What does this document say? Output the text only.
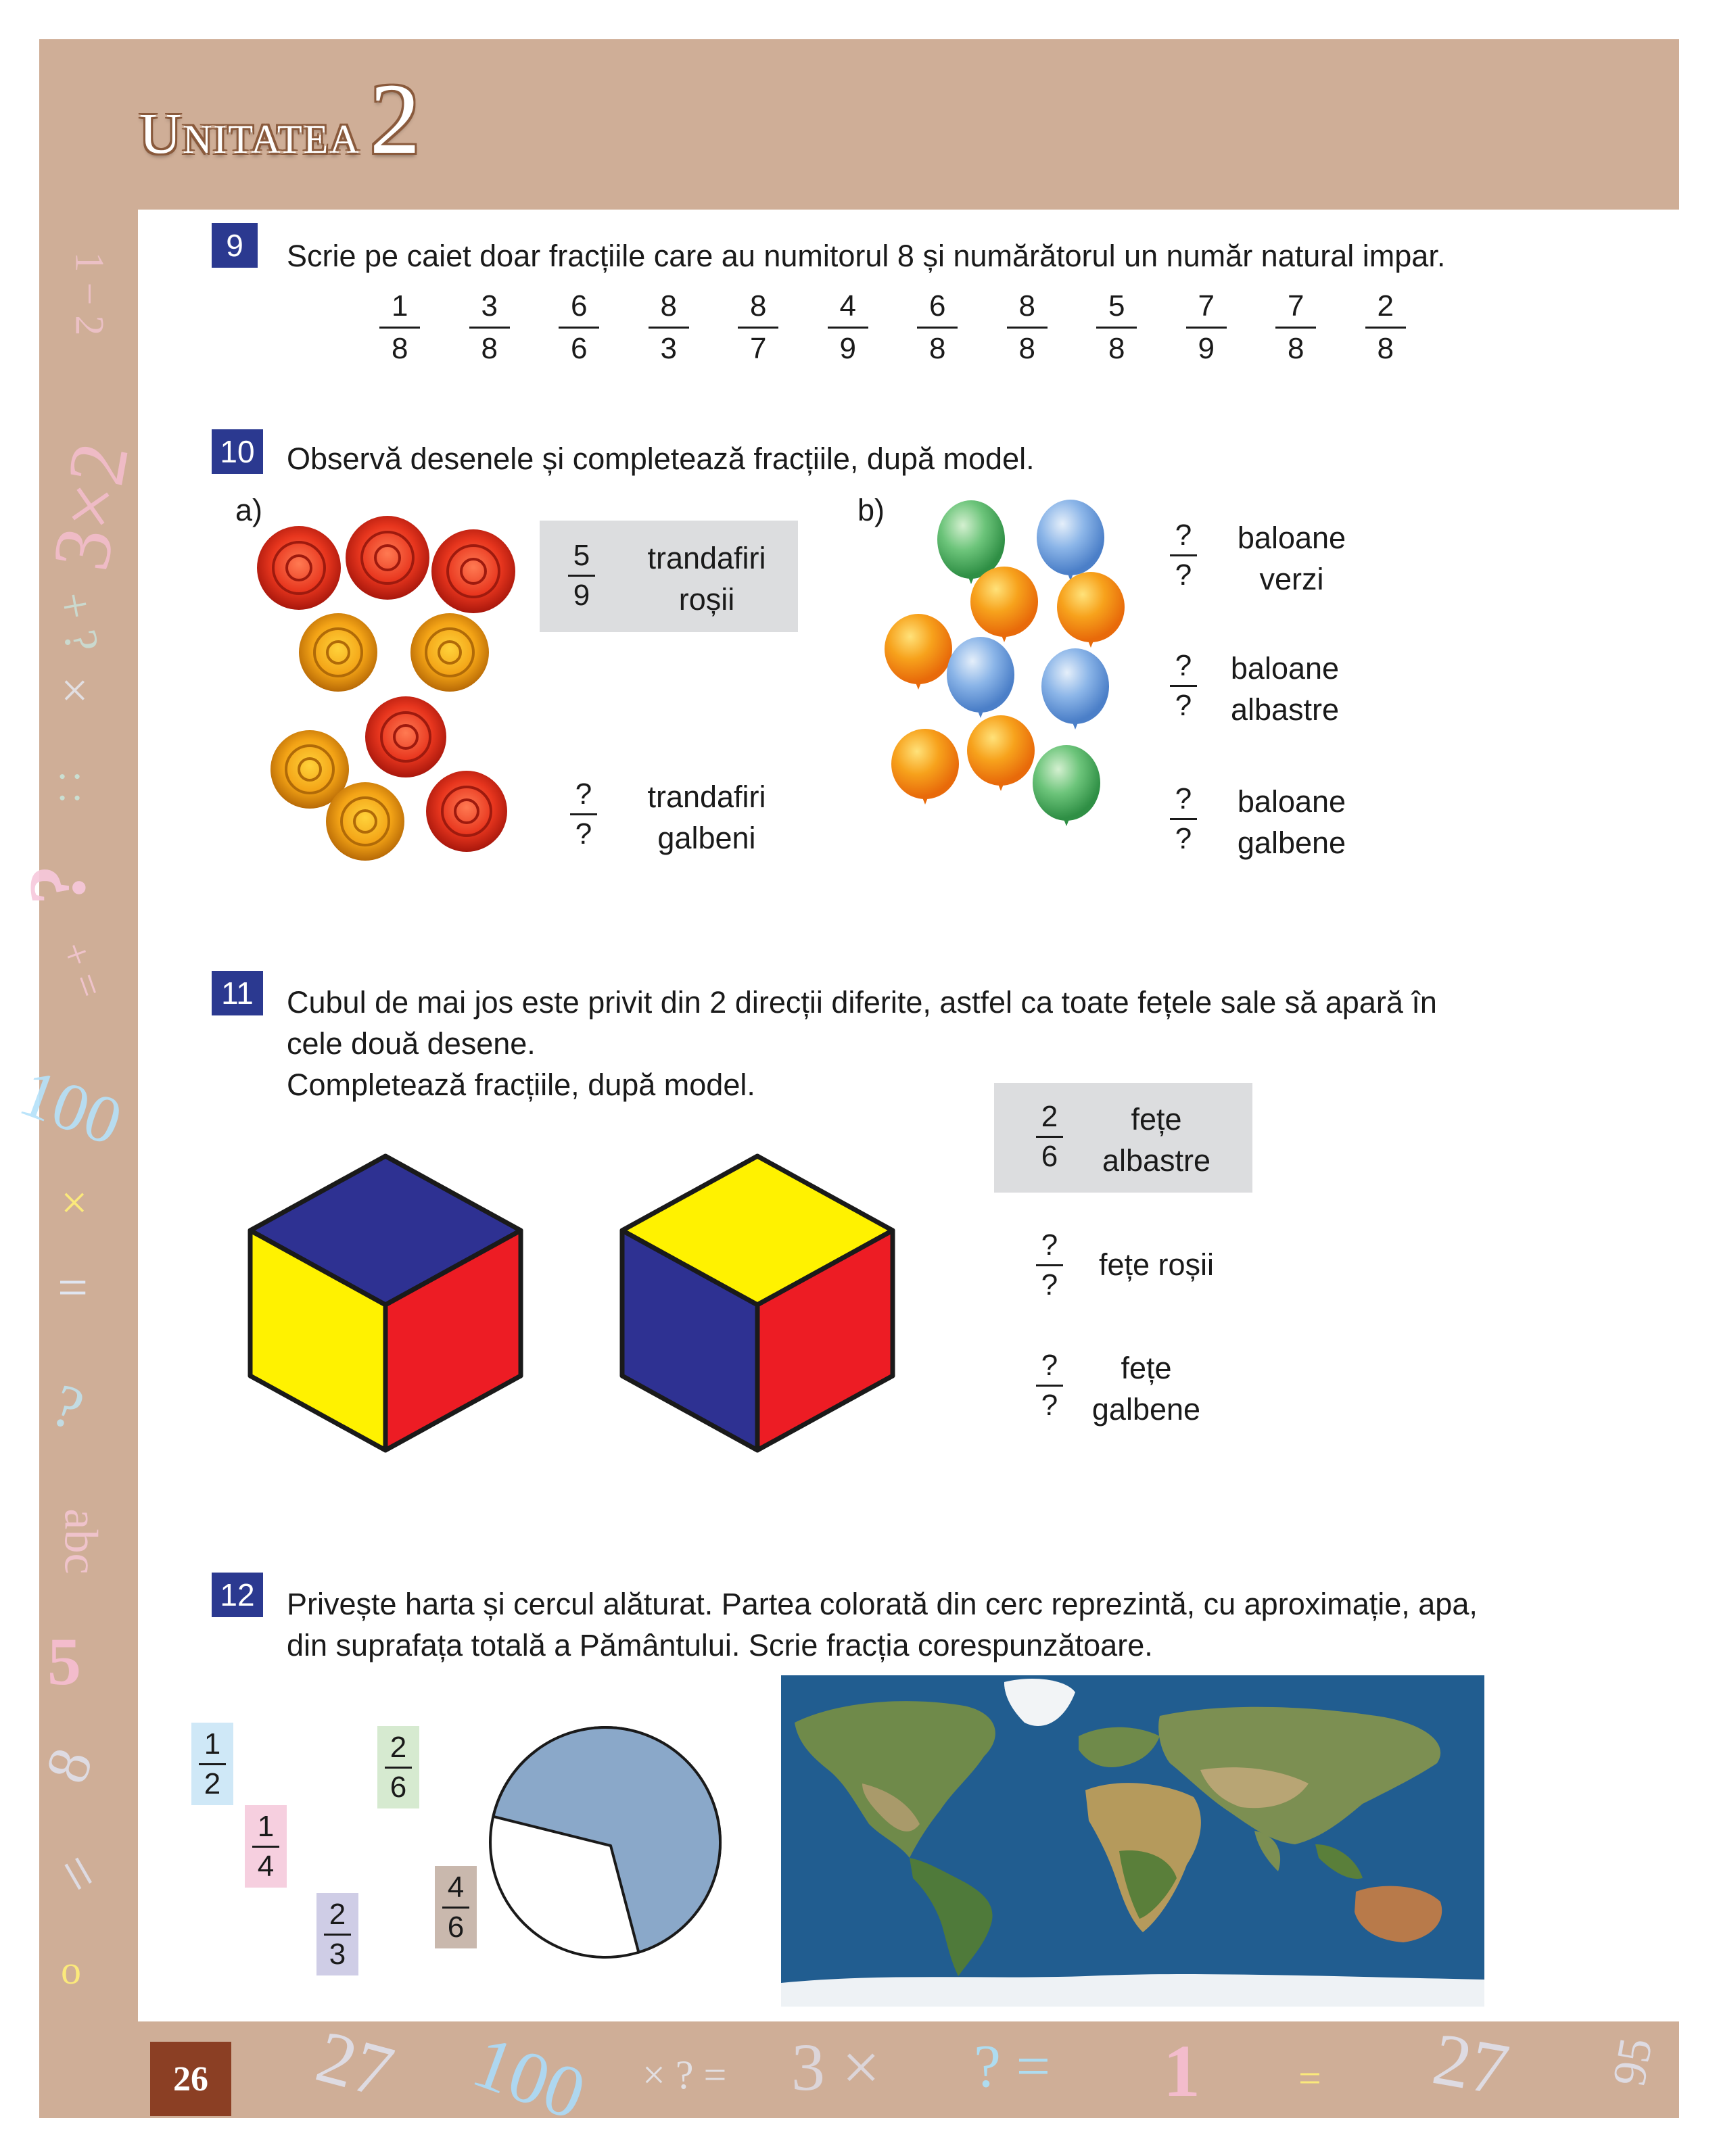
Unitatea 2
1 − 2
3×2
+ ?
×
: :
?
+ =
100
×
=
?
abc
5
8
=
o
27 100 × ? = 3 × ? = 1 = 27 95
26
9	Scrie pe caiet doar fracțiile care au numitorul 8 și numărătorul un număr natural impar.
1
8
3
8
6
6
8
3
8
7
4
9
6
8
8
8
5
8
7
9
7
8
2
8
10 Observă desenele și completează fracțiile, după model.
a)	b)
5
9
trandafiri
roșii
?
?
trandafiri
galbeni
?
?
baloane
verzi
?
?
baloane
albastre
?
?
baloane
galbene
11	Cubul de mai jos este privit din 2 direcții diferite, astfel ca toate fețele sale să apară în
cele două desene.
Completează fracțiile, după model.
2
6
fețe
albastre
?
?
fețe roșii
?
?
fețe
galbene
12 Privește harta și cercul alăturat. Partea colorată din cerc reprezintă, cu aproximație, apa,
din suprafața totală a Pământului. Scrie fracția corespunzătoare.
1
2
2
6
1
4
4
6
2
3
